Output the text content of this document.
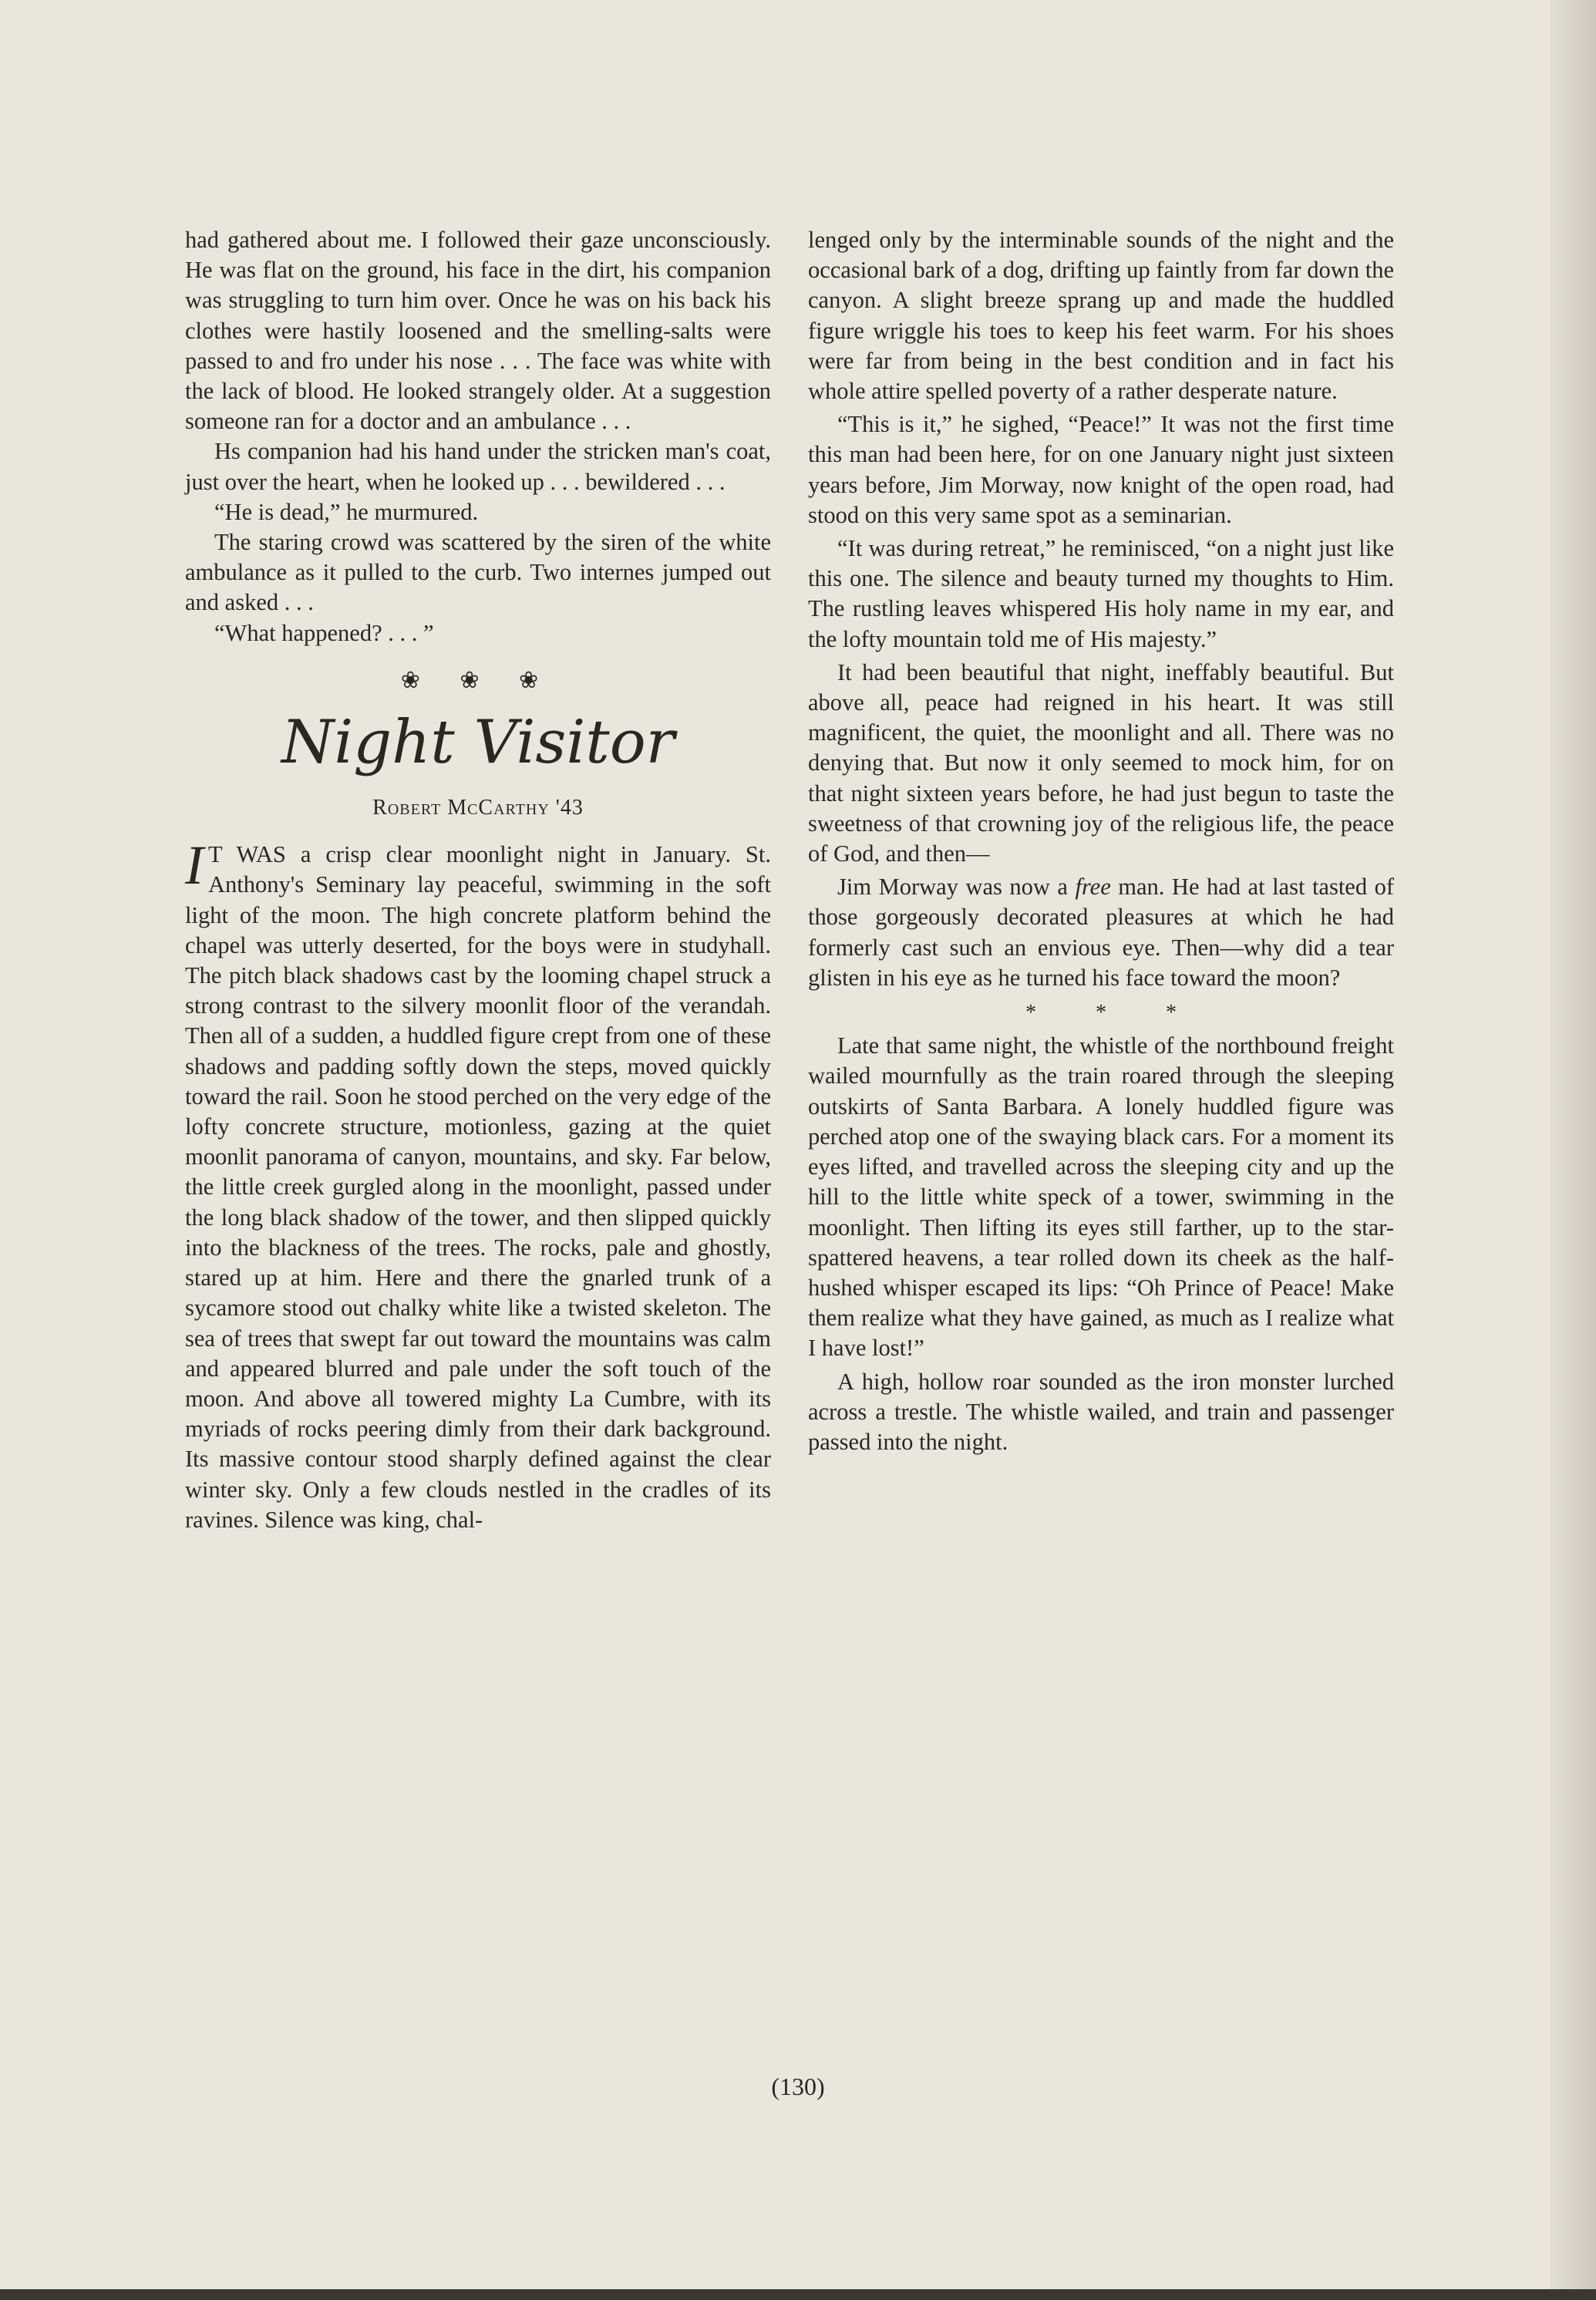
had gathered about me. I followed their gaze unconsciously. He was flat on the ground, his face in the dirt, his companion was struggling to turn him over. Once he was on his back his clothes were hastily loosened and the smelling-salts were passed to and fro under his nose . . . The face was white with the lack of blood. He looked strangely older. At a suggestion someone ran for a doctor and an ambulance . . .

Hs companion had his hand under the stricken man's coat, just over the heart, when he looked up . . . bewildered . . .

“He is dead,” he murmured.

The staring crowd was scattered by the siren of the white ambulance as it pulled to the curb. Two internes jumped out and asked . . .

“What happened? . . . ”

❀ ❀ ❀
Night Visitor
Robert McCarthy '43

I T WAS a crisp clear moonlight night in January. St. Anthony's Seminary lay peaceful, swimming in the soft light of the moon. The high concrete platform behind the chapel was utterly deserted, for the boys were in studyhall. The pitch black shadows cast by the looming chapel struck a strong contrast to the silvery moonlit floor of the verandah. Then all of a sudden, a huddled figure crept from one of these shadows and padding softly down the steps, moved quickly toward the rail. Soon he stood perched on the very edge of the lofty concrete structure, motionless, gazing at the quiet moonlit panorama of canyon, mountains, and sky. Far below, the little creek gurgled along in the moonlight, passed under the long black shadow of the tower, and then slipped quickly into the blackness of the trees. The rocks, pale and ghostly, stared up at him. Here and there the gnarled trunk of a sycamore stood out chalky white like a twisted skeleton. The sea of trees that swept far out toward the mountains was calm and appeared blurred and pale under the soft touch of the moon. And above all towered mighty La Cumbre, with its myriads of rocks peering dimly from their dark background. Its massive contour stood sharply defined against the clear winter sky. Only a few clouds nestled in the cradles of its ravines. Silence was king, chal-

lenged only by the interminable sounds of the night and the occasional bark of a dog, drifting up faintly from far down the canyon. A slight breeze sprang up and made the huddled figure wriggle his toes to keep his feet warm. For his shoes were far from being in the best condition and in fact his whole attire spelled poverty of a rather desperate nature.

“This is it,” he sighed, “Peace!” It was not the first time this man had been here, for on one January night just sixteen years before, Jim Morway, now knight of the open road, had stood on this very same spot as a seminarian.

“It was during retreat,” he reminisced, “on a night just like this one. The silence and beauty turned my thoughts to Him. The rustling leaves whispered His holy name in my ear, and the lofty mountain told me of His majesty.”

It had been beautiful that night, ineffably beautiful. But above all, peace had reigned in his heart. It was still magnificent, the quiet, the moonlight and all. There was no denying that. But now it only seemed to mock him, for on that night sixteen years before, he had just begun to taste the sweetness of that crowning joy of the religious life, the peace of God, and then—

Jim Morway was now a free man. He had at last tasted of those gorgeously decorated pleasures at which he had formerly cast such an envious eye. Then—why did a tear glisten in his eye as he turned his face toward the moon?

* * *

Late that same night, the whistle of the northbound freight wailed mournfully as the train roared through the sleeping outskirts of Santa Barbara. A lonely huddled figure was perched atop one of the swaying black cars. For a moment its eyes lifted, and travelled across the sleeping city and up the hill to the little white speck of a tower, swimming in the moonlight. Then lifting its eyes still farther, up to the star-spattered heavens, a tear rolled down its cheek as the half-hushed whisper escaped its lips: “Oh Prince of Peace! Make them realize what they have gained, as much as I realize what I have lost!”

A high, hollow roar sounded as the iron monster lurched across a trestle. The whistle wailed, and train and passenger passed into the night.

(130)
